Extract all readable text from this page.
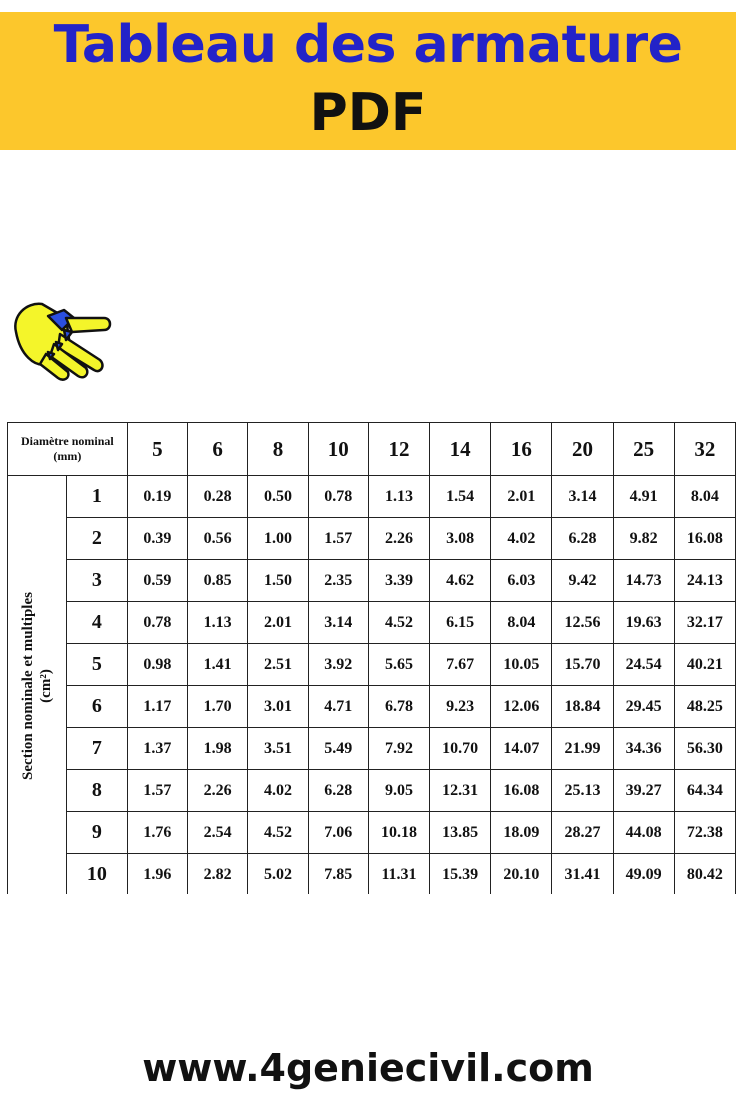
Tableau des armature
PDF
Diamètre nominal
(mm)		5	6	8	10	12	14	16	20	25	32

Section nominale et multiples (cm²)	1	0.19	0.28	0.50	0.78	1.13	1.54	2.01	3.14	4.91	8.04
	2	0.39	0.56	1.00	1.57	2.26	3.08	4.02	6.28	9.82	16.08
	3	0.59	0.85	1.50	2.35	3.39	4.62	6.03	9.42	14.73	24.13
	4	0.78	1.13	2.01	3.14	4.52	6.15	8.04	12.56	19.63	32.17
	5	0.98	1.41	2.51	3.92	5.65	7.67	10.05	15.70	24.54	40.21
	6	1.17	1.70	3.01	4.71	6.78	9.23	12.06	18.84	29.45	48.25
	7	1.37	1.98	3.51	5.49	7.92	10.70	14.07	21.99	34.36	56.30
	8	1.57	2.26	4.02	6.28	9.05	12.31	16.08	25.13	39.27	64.34
	9	1.76	2.54	4.52	7.06	10.18	13.85	18.09	28.27	44.08	72.38
	10	1.96	2.82	5.02	7.85	11.31	15.39	20.10	31.41	49.09	80.42
www.4geniecivil.com
